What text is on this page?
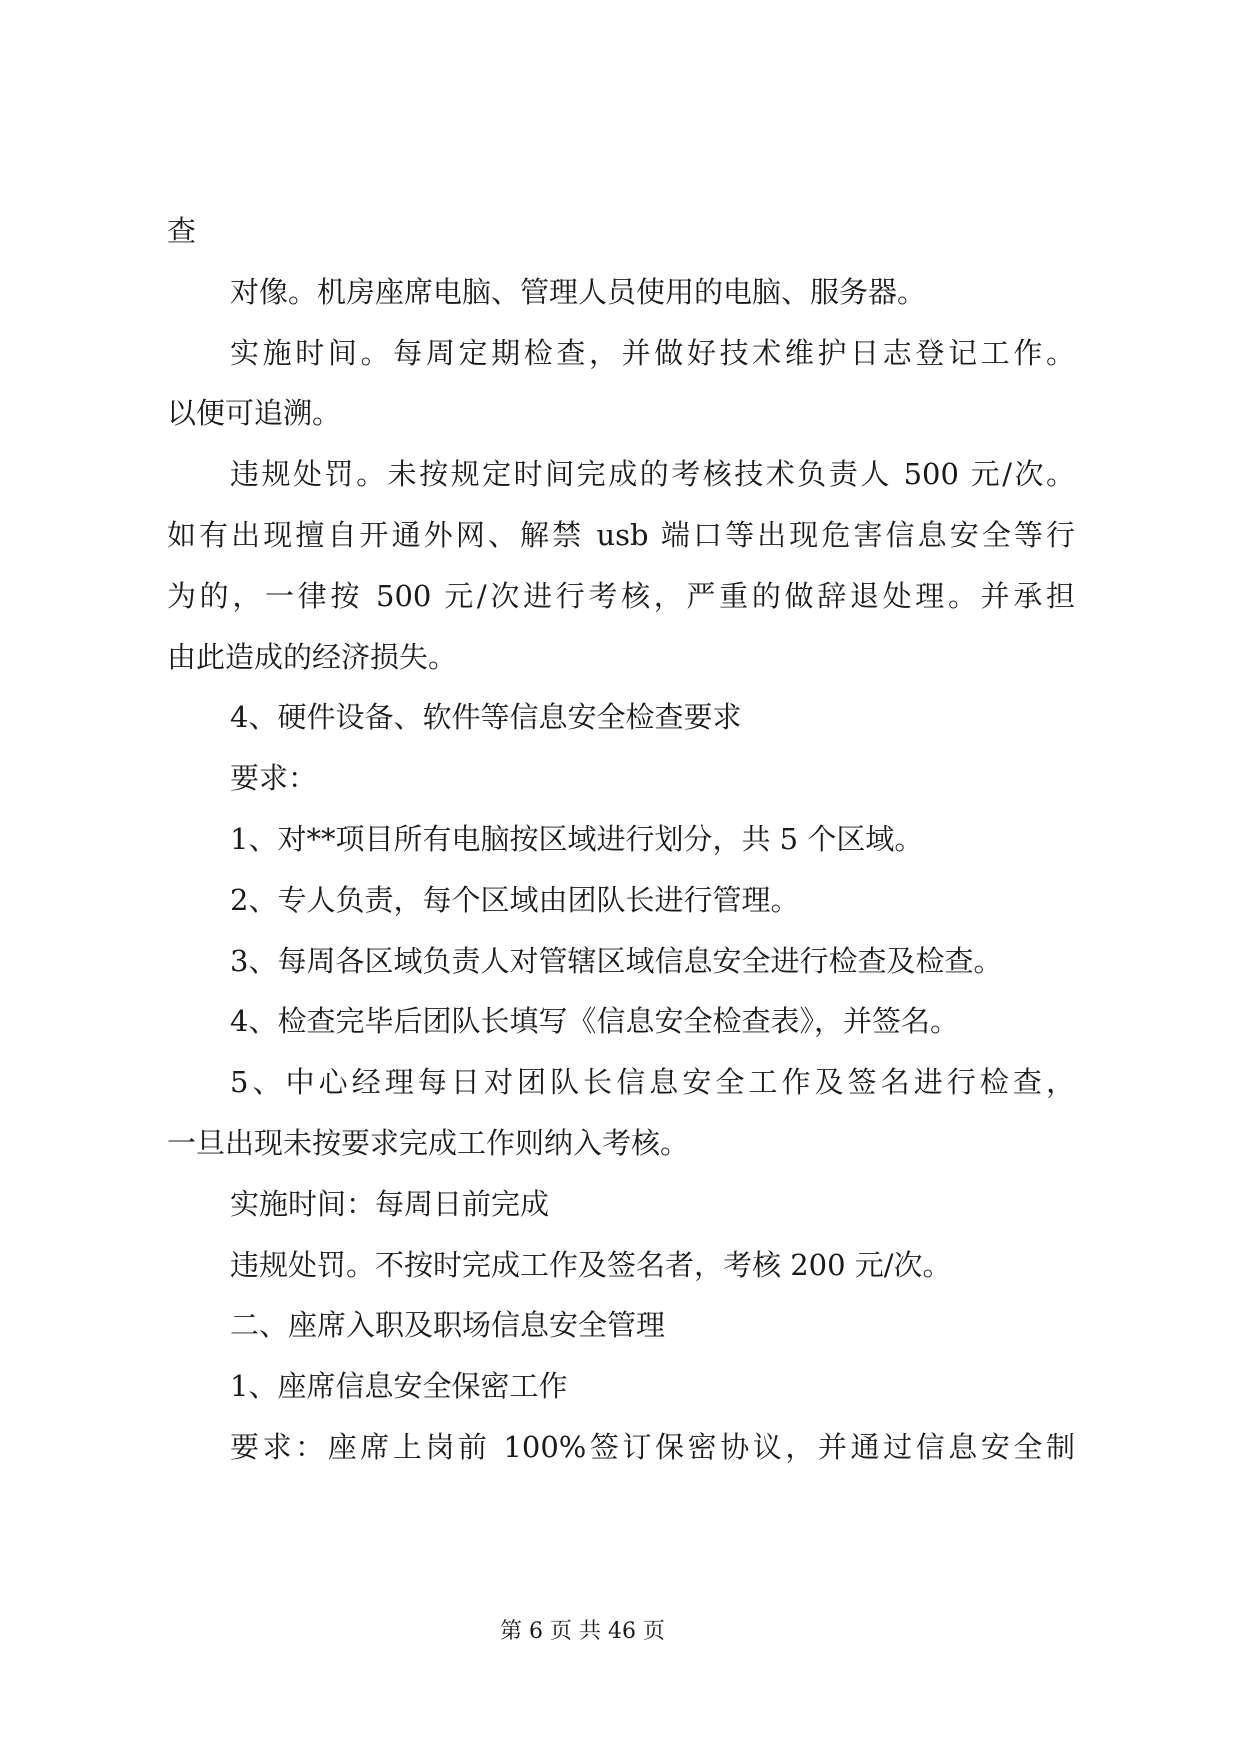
查
对像。机房座席电脑、管理人员使用的电脑、服务器。
实施时间。每周定期检查，并做好技术维护日志登记工作。
以便可追溯。
违规处罚。未按规定时间完成的考核技术负责人 500 元/次。
如有出现擅自开通外网、解禁 usb 端口等出现危害信息安全等行
为的，一律按 500 元/次进行考核，严重的做辞退处理。并承担
由此造成的经济损失。
4、硬件设备、软件等信息安全检查要求
要求：
1、对**项目所有电脑按区域进行划分，共 5 个区域。
2、专人负责，每个区域由团队长进行管理。
3、每周各区域负责人对管辖区域信息安全进行检查及检查。
4、检查完毕后团队长填写《信息安全检查表》，并签名。
5、中心经理每日对团队长信息安全工作及签名进行检查，
一旦出现未按要求完成工作则纳入考核。
实施时间：每周日前完成
违规处罚。不按时完成工作及签名者，考核 200 元/次。
二、座席入职及职场信息安全管理
1、座席信息安全保密工作
要求：座席上岗前 100%签订保密协议，并通过信息安全制
第 6 页 共 46 页
